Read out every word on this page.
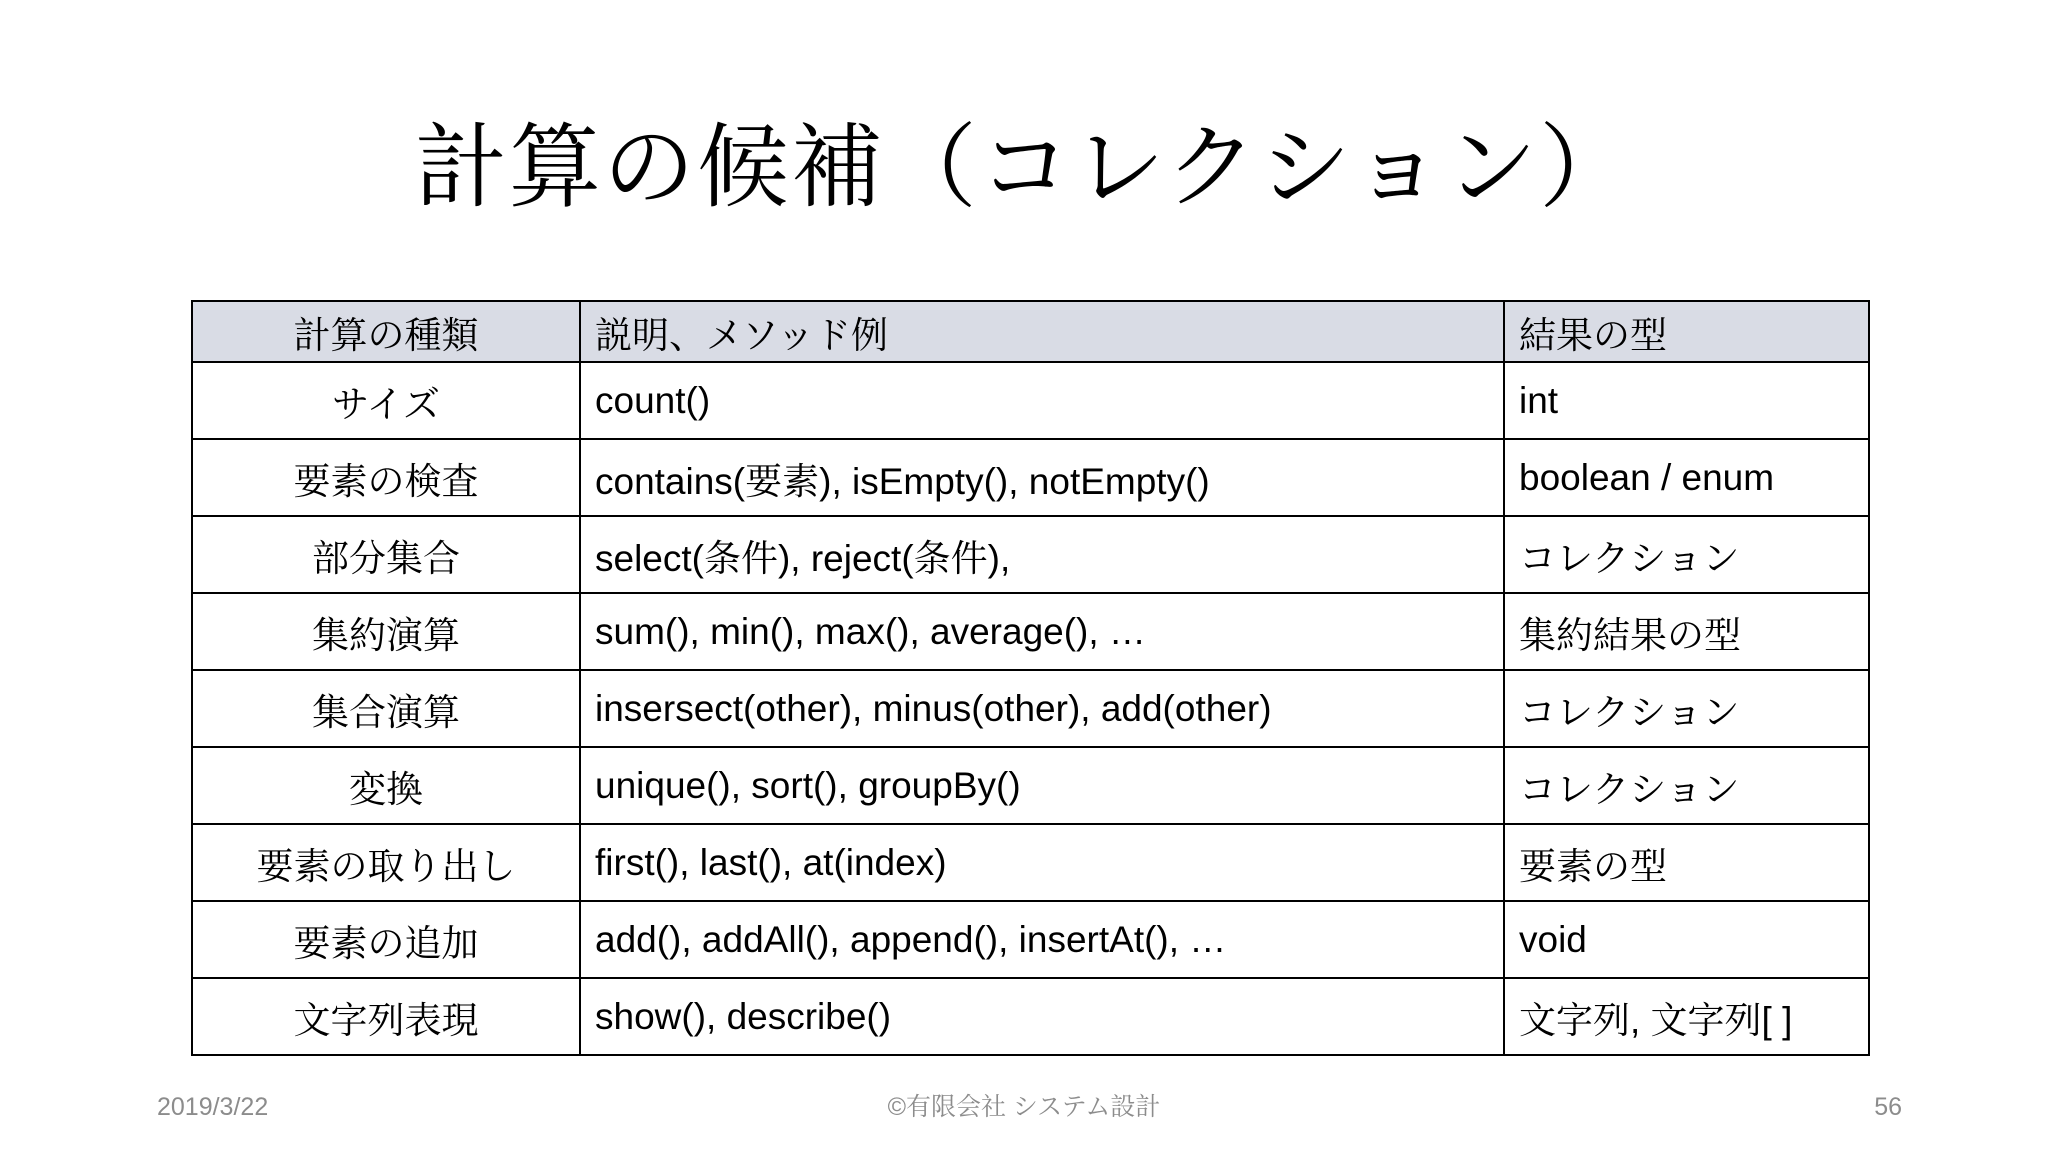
計算の候補（コレクション）
計算の種類	説明、メソッド例	結果の型
サイズ	count()	int
要素の検査	contains(要素), isEmpty(), notEmpty()	boolean / enum
部分集合	select(条件), reject(条件),	コレクション
集約演算	sum(), min(), max(), average(), …	集約結果の型
集合演算	insersect(other), minus(other), add(other)	コレクション
変換	unique(), sort(), groupBy()	コレクション
要素の取り出し	first(), last(), at(index)	要素の型
要素の追加	add(), addAll(), append(), insertAt(), …	void
文字列表現	show(), describe()	文字列, 文字列[ ]
2019/3/22	©有限会社 システム設計	56
